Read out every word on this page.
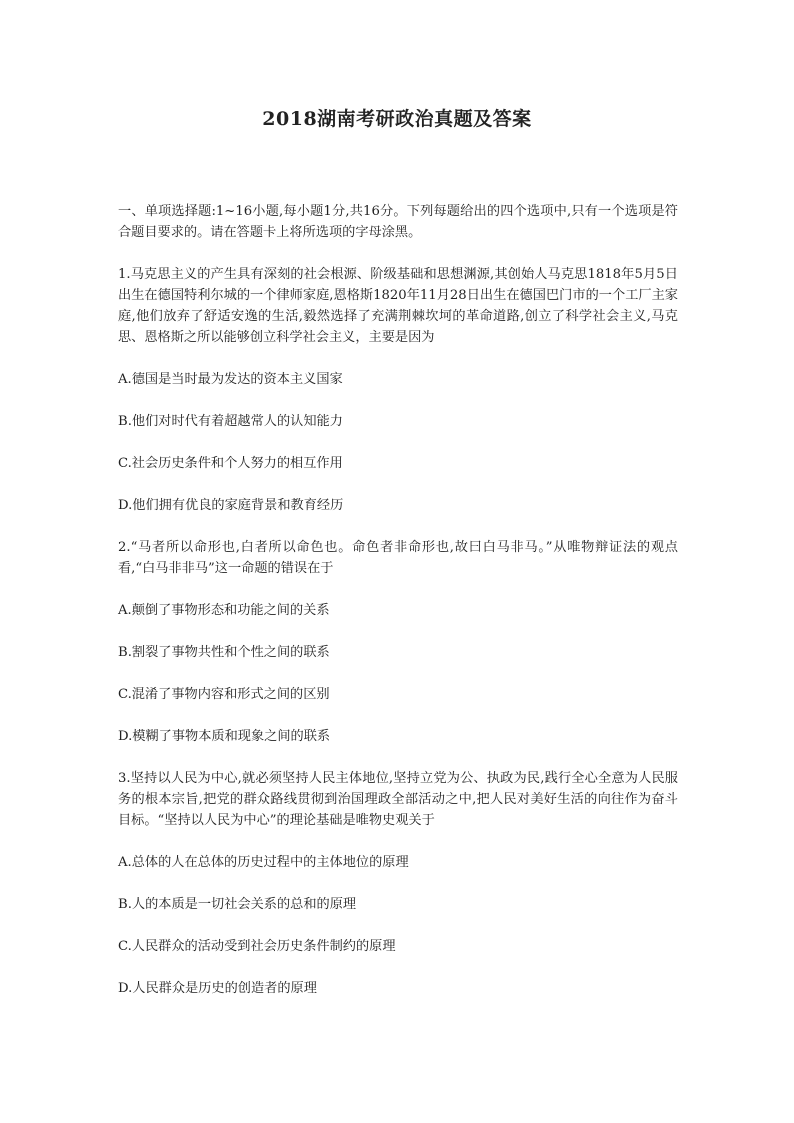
2018湖南考研政治真题及答案

一、单项选择题:1~16小题,每小题1分,共16分。下列每题给出的四个选项中,只有一个选项是符合题目要求的。请在答题卡上将所选项的字母涂黑。

1.马克思主义的产生具有深刻的社会根源、阶级基础和思想渊源,其创始人马克思1818年5月5日出生在德国特利尔城的一个律师家庭,恩格斯1820年11月28日出生在德国巴门市的一个工厂主家庭,他们放弃了舒适安逸的生活,毅然选择了充满荆棘坎坷的革命道路,创立了科学社会主义,马克思、恩格斯之所以能够创立科学社会主义，主要是因为

A.德国是当时最为发达的资本主义国家

B.他们对时代有着超越常人的认知能力

C.社会历史条件和个人努力的相互作用

D.他们拥有优良的家庭背景和教育经历

2.“马者所以命形也,白者所以命色也。命色者非命形也,故曰白马非马。”从唯物辩证法的观点看,“白马非非马”这一命题的错误在于

A.颠倒了事物形态和功能之间的关系

B.割裂了事物共性和个性之间的联系

C.混淆了事物内容和形式之间的区别

D.模糊了事物本质和现象之间的联系

3.坚持以人民为中心,就必须坚持人民主体地位,坚持立党为公、执政为民,践行全心全意为人民服务的根本宗旨,把党的群众路线贯彻到治国理政全部活动之中,把人民对美好生活的向往作为奋斗目标。“坚持以人民为中心”的理论基础是唯物史观关于

A.总体的人在总体的历史过程中的主体地位的原理

B.人的本质是一切社会关系的总和的原理

C.人民群众的活动受到社会历史条件制约的原理

D.人民群众是历史的创造者的原理
